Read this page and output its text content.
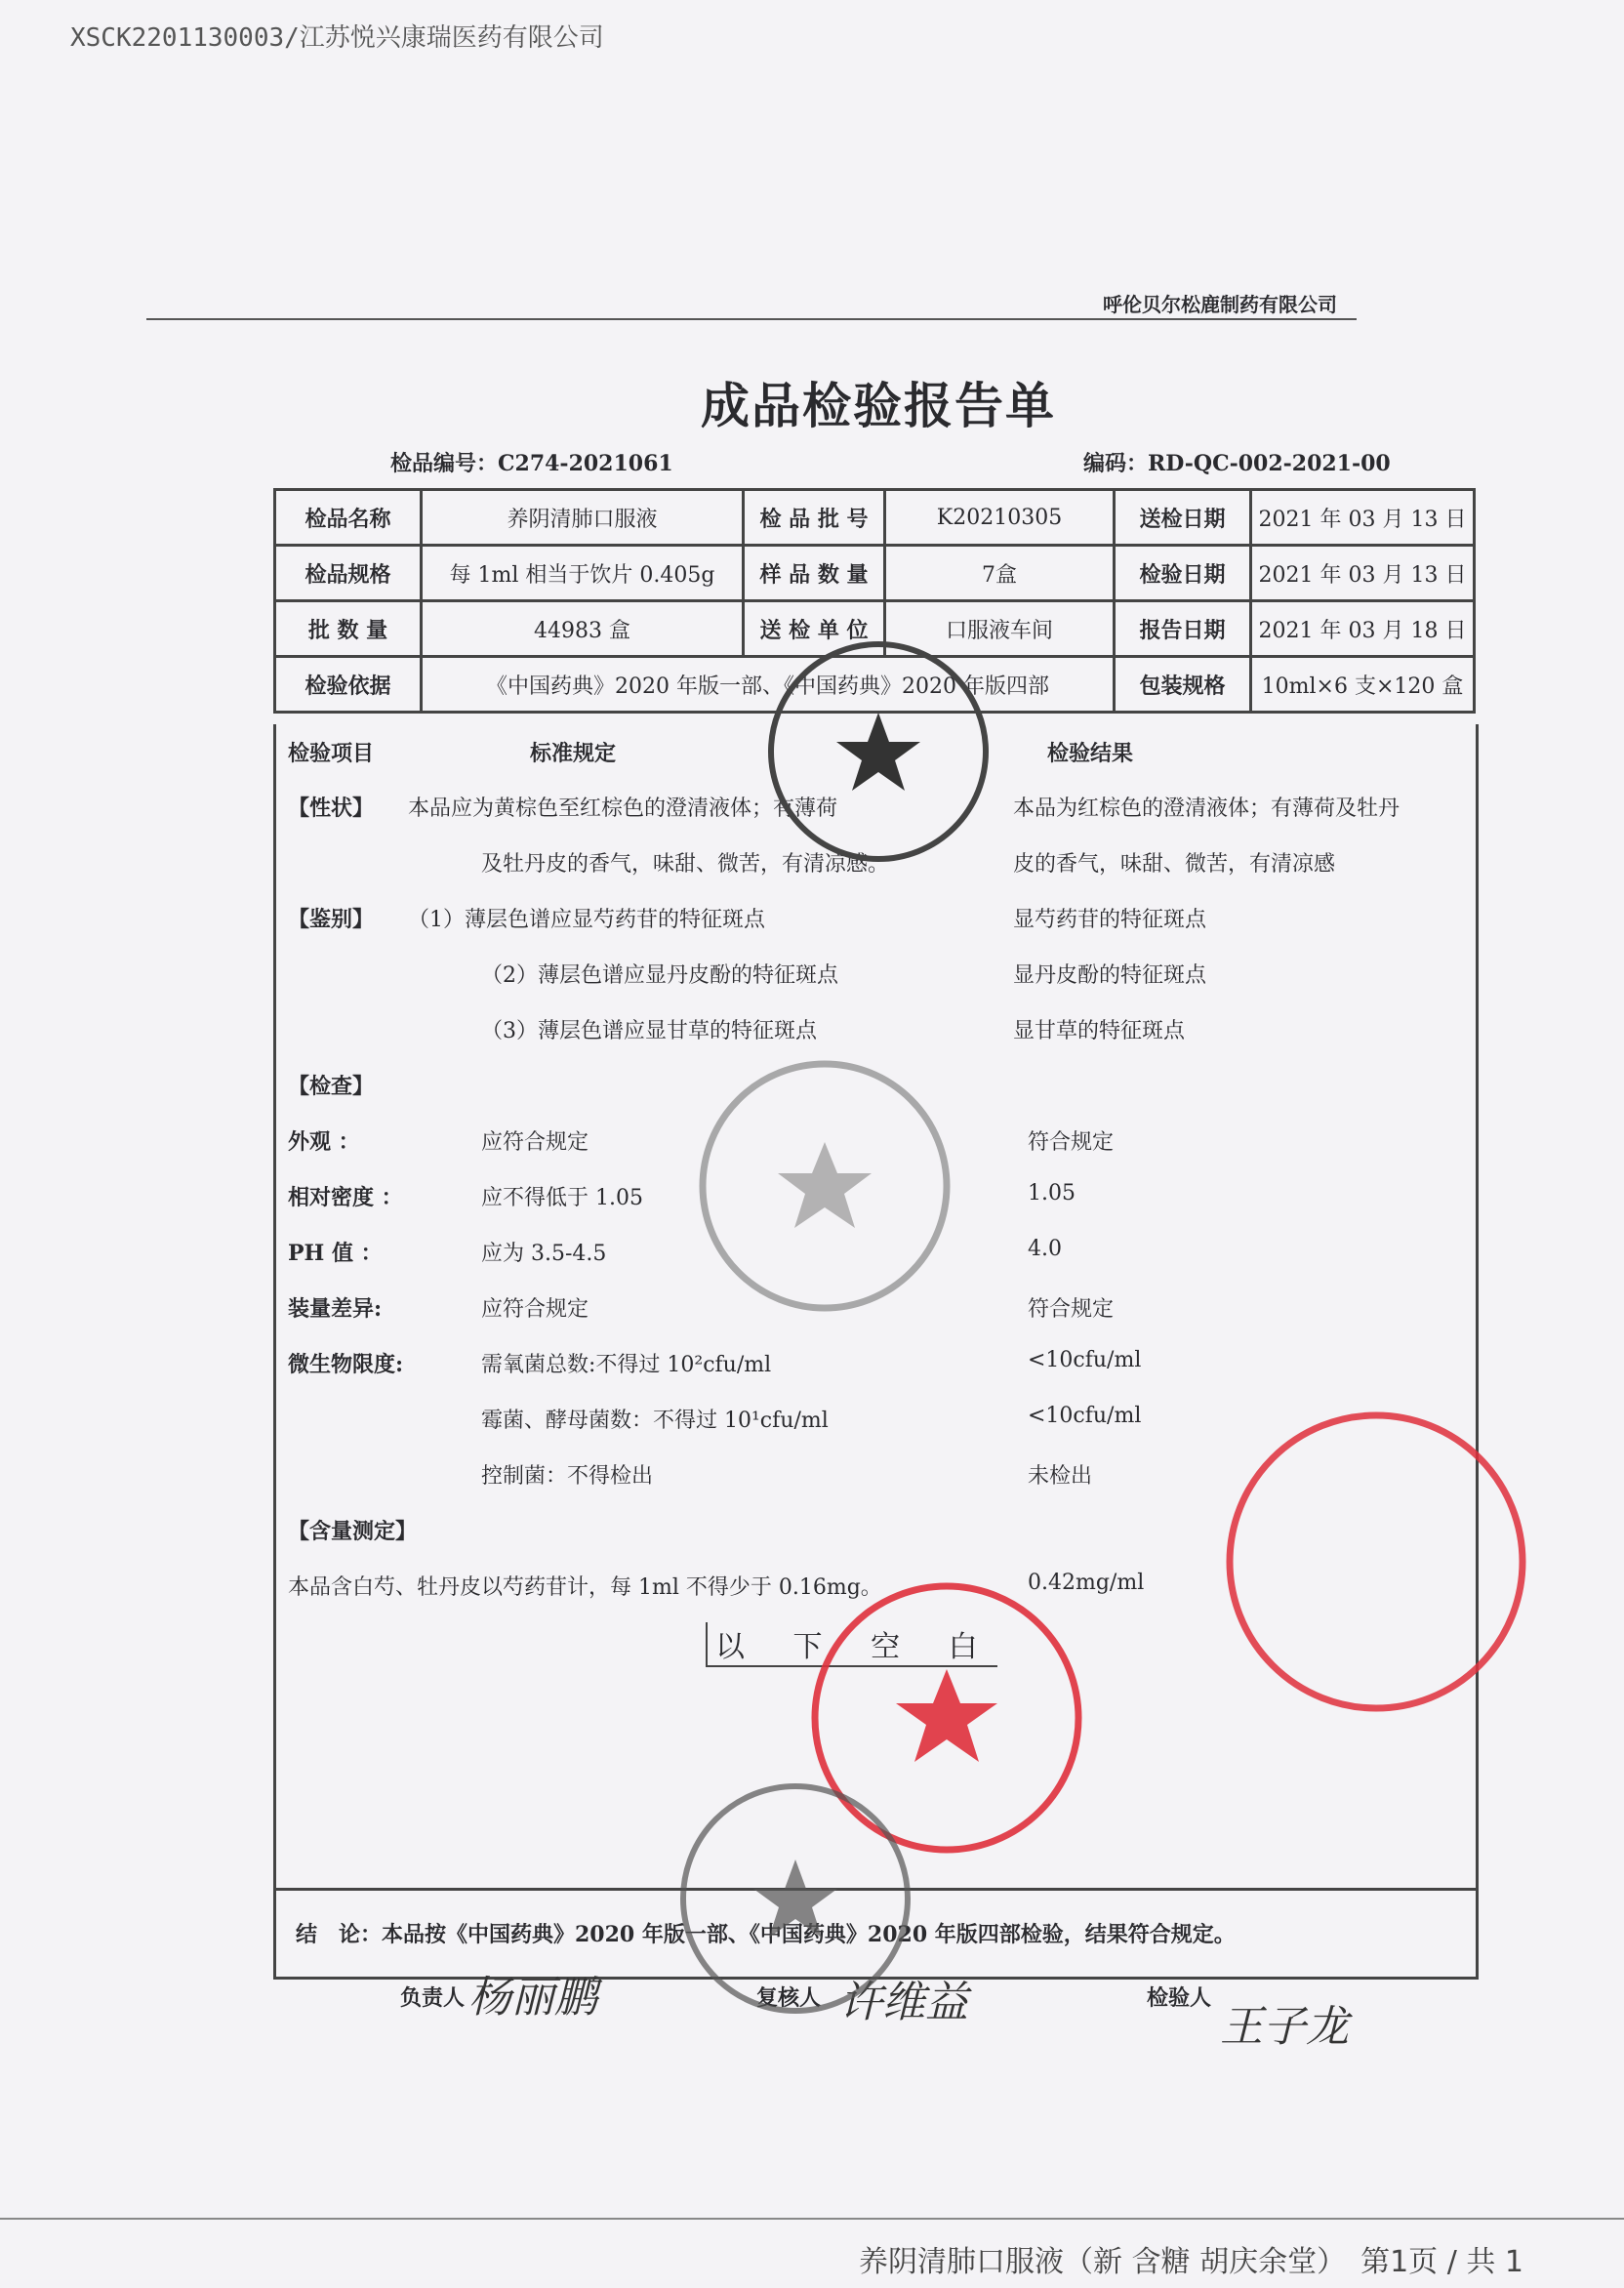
XSCK2201130003/江苏悦兴康瑞医药有限公司
呼伦贝尔松鹿制药有限公司
成品检验报告单
检品编号：C274-2021061	编码：RD-QC-002-2021-00
检品名称	养阴清肺口服液	检 品 批 号	K20210305	送检日期	2021 年 03 月 13 日
检品规格	每 1ml 相当于饮片 0.405g	样 品 数 量	7盒	检验日期	2021 年 03 月 13 日
批 数 量	44983 盒	送 检 单 位	口服液车间	报告日期	2021 年 03 月 18 日
检验依据	《中国药典》2020 年版一部、《中国药典》2020 年版四部			包装规格	10ml×6 支×120 盒
检验项目	标准规定	检验结果
【性状】 本品应为黄棕色至红棕色的澄清液体；有薄荷	本品为红棕色的澄清液体；有薄荷及牡丹
及牡丹皮的香气，味甜、微苦，有清凉感。	皮的香气，味甜、微苦，有清凉感
【鉴别】 （1）薄层色谱应显芍药苷的特征斑点	显芍药苷的特征斑点
（2）薄层色谱应显丹皮酚的特征斑点	显丹皮酚的特征斑点
（3）薄层色谱应显甘草的特征斑点	显甘草的特征斑点
【检查】
外观 ：	应符合规定	符合规定
相对密度 ：	应不得低于 1.05	1.05
PH 值 ：	应为 3.5-4.5	4.0
装量差异:	应符合规定	符合规定
微生物限度:	需氧菌总数:不得过 10²cfu/ml	<10cfu/ml
霉菌、酵母菌数：不得过 10¹cfu/ml	<10cfu/ml
控制菌：不得检出	未检出
【含量测定】
本品含白芍、牡丹皮以芍药苷计，每 1ml 不得少于 0.16mg。	0.42mg/ml
以 下 空 白
结　论：本品按《中国药典》2020 年版一部、《中国药典》2020 年版四部检验，结果符合规定。
负责人 杨丽鹏	复核人 许维益	检验人
王子龙
养阴清肺口服液（新 含糖 胡庆余堂）　第1页 / 共 1
